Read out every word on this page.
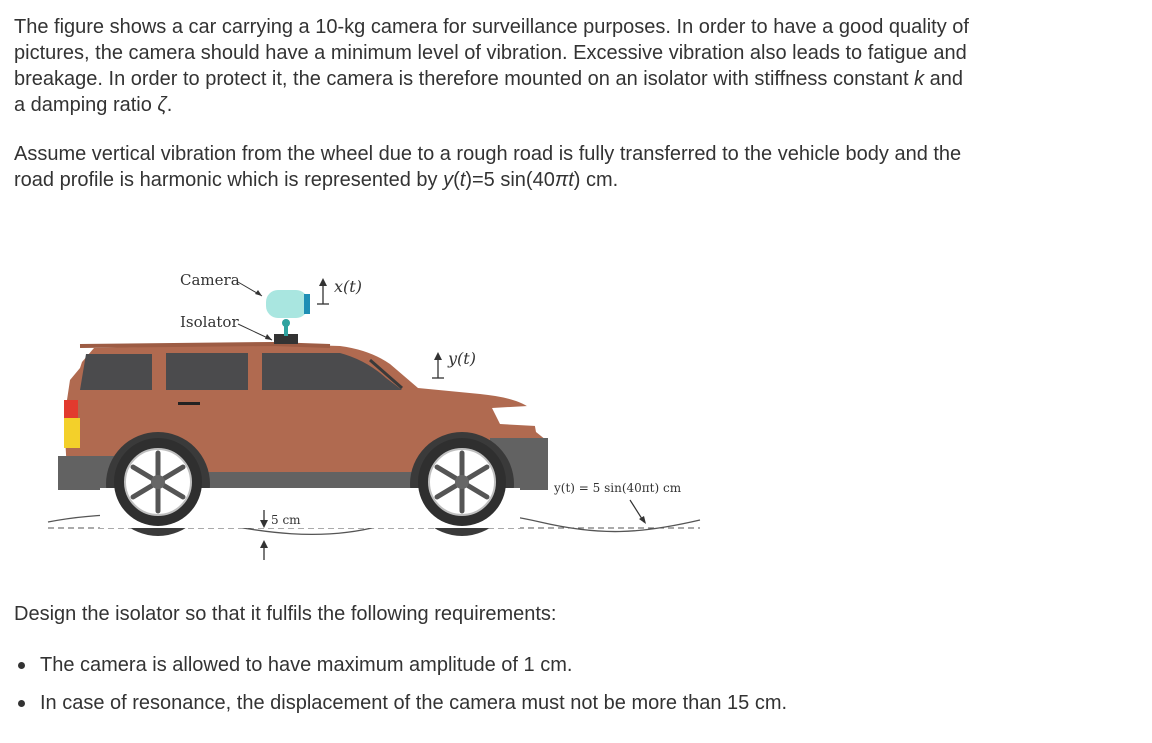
The figure shows a car carrying a 10-kg camera for surveillance purposes. In order to have a good quality of pictures, the camera should have a minimum level of vibration. Excessive vibration also leads to fatigue and breakage. In order to protect it, the camera is therefore mounted on an isolator with stiffness constant k and a damping ratio ζ.

Assume vertical vibration from the wheel due to a rough road is fully transferred to the vehicle body and the road profile is harmonic which is represented by y(t)=5 sin(40πt) cm.

Camera
Isolator
x(t)
y(t)
y(t) = 5 sin(40πt) cm
5 cm

Design the isolator so that it fulfils the following requirements:

The camera is allowed to have maximum amplitude of 1 cm.
In case of resonance, the displacement of the camera must not be more than 15 cm.
